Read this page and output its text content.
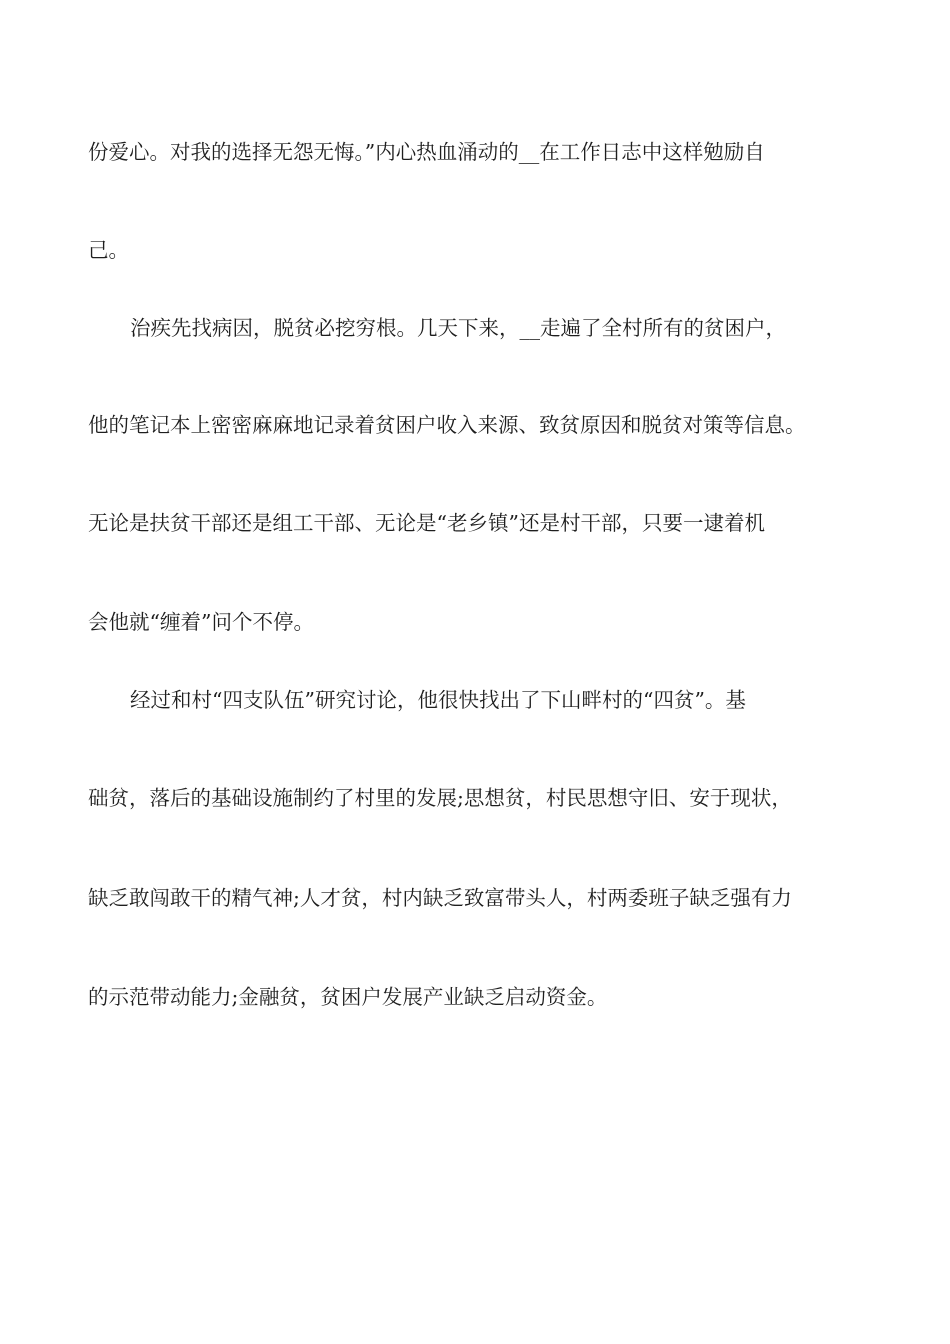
份爱心。对我的选择无怨无悔。”内心热血涌动的__在工作日志中这样勉励自
己。
治疾先找病因，脱贫必挖穷根。几天下来，__走遍了全村所有的贫困户，
他的笔记本上密密麻麻地记录着贫困户收入来源、致贫原因和脱贫对策等信息。
无论是扶贫干部还是组工干部、无论是“老乡镇”还是村干部，只要一逮着机
会他就“缠着”问个不停。
经过和村“四支队伍”研究讨论，他很快找出了下山畔村的“四贫”。基
础贫，落后的基础设施制约了村里的发展;思想贫，村民思想守旧、安于现状，
缺乏敢闯敢干的精气神;人才贫，村内缺乏致富带头人，村两委班子缺乏强有力
的示范带动能力;金融贫，贫困户发展产业缺乏启动资金。
